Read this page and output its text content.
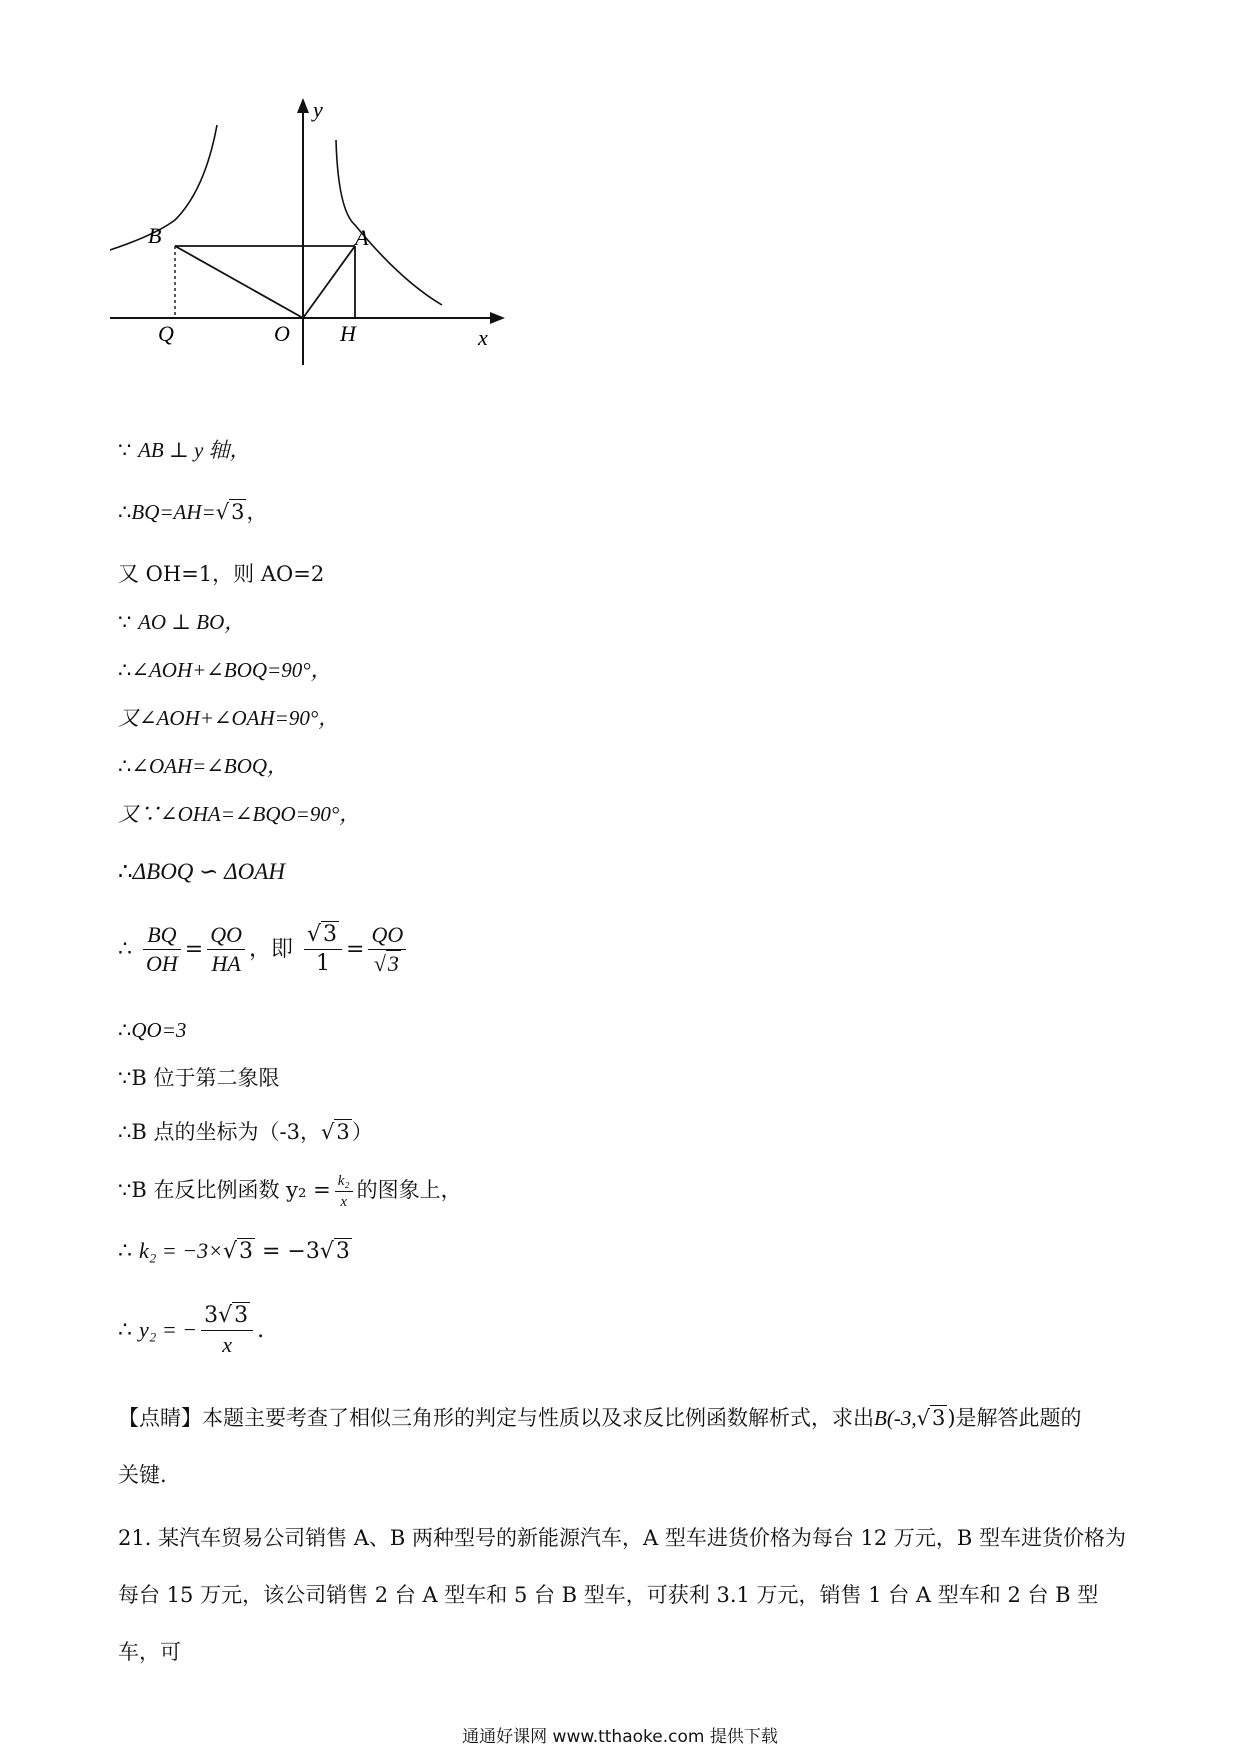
y
x
B	A
Q	O H
∵ AB ⊥ y 轴，
∴BQ=AH=√3，
又 OH=1，则 AO=2
∵ AO ⊥ BO，
∴∠AOH+∠BOQ=90°，
又∠AOH+∠OAH=90°，
∴∠OAH=∠BOQ，
又∵∠OHA=∠BQO=90°，
∴ΔBOQ ∽ ΔOAH
∴ $\frac{BQ}{OH} = \frac{QO}{HA}$ ，即 $\frac{√3}{1} = \frac{QO}{√3}$
∴QO=3
∵B 位于第二象限
∴B 点的坐标为（-3，√3）
∵B 在反比例函数 $y_2 = \frac{\text{k₂}}{x}$ 的图象上，
∴ k₂ = −3×√3 = −3√3
∴ y₂ = − $\frac{3√3}{x}$ .
【点睛】本题主要考查了相似三角形的判定与性质以及求反比例函数解析式，求出B(-3,√3)是解答此题的
关键.
21. 某汽车贸易公司销售 A、B 两种型号的新能源汽车，A 型车进货价格为每台 12 万元，B 型车进货价格为
每台 15 万元，该公司销售 2 台 A 型车和 5 台 B 型车，可获利 3.1 万元，销售 1 台 A 型车和 2 台 B 型车，可
通通好课网 www.tthaoke.com 提供下载
